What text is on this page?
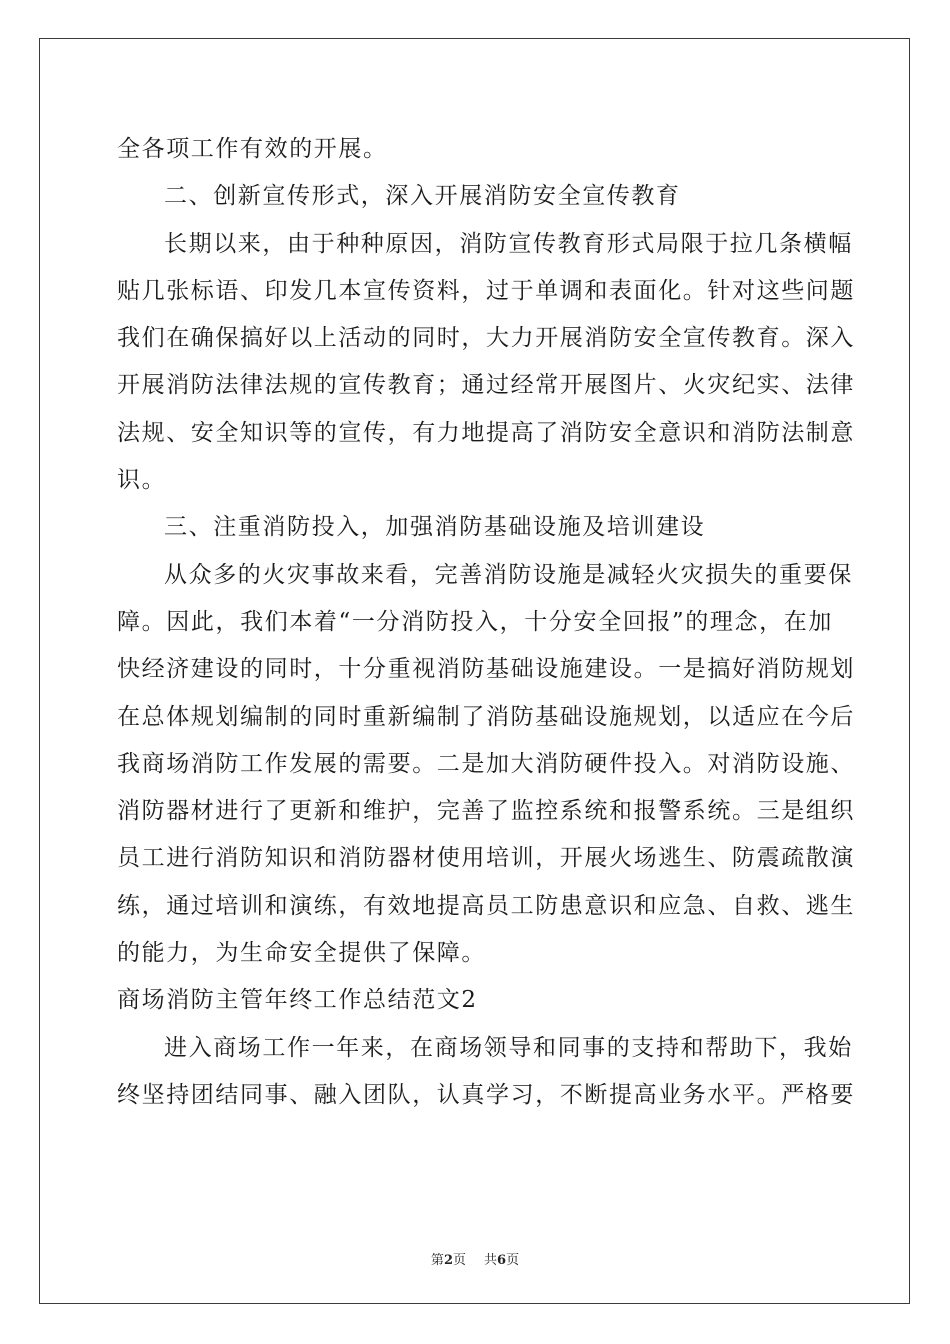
全各项工作有效的开展。
二、创新宣传形式，深入开展消防安全宣传教育
长期以来，由于种种原因，消防宣传教育形式局限于拉几条横幅
贴几张标语、印发几本宣传资料，过于单调和表面化。针对这些问题
我们在确保搞好以上活动的同时，大力开展消防安全宣传教育。深入
开展消防法律法规的宣传教育；通过经常开展图片、火灾纪实、法律
法规、安全知识等的宣传，有力地提高了消防安全意识和消防法制意
识。
三、注重消防投入，加强消防基础设施及培训建设
从众多的火灾事故来看，完善消防设施是减轻火灾损失的重要保
障。因此，我们本着“一分消防投入，十分安全回报”的理念，在加
快经济建设的同时，十分重视消防基础设施建设。一是搞好消防规划
在总体规划编制的同时重新编制了消防基础设施规划，以适应在今后
我商场消防工作发展的需要。二是加大消防硬件投入。对消防设施、
消防器材进行了更新和维护，完善了监控系统和报警系统。三是组织
员工进行消防知识和消防器材使用培训，开展火场逃生、防震疏散演
练，通过培训和演练，有效地提高员工防患意识和应急、自救、逃生
的能力，为生命安全提供了保障。
商场消防主管年终工作总结范文2
进入商场工作一年来，在商场领导和同事的支持和帮助下，我始
终坚持团结同事、融入团队，认真学习，不断提高业务水平。严格要
第2页 共6页
